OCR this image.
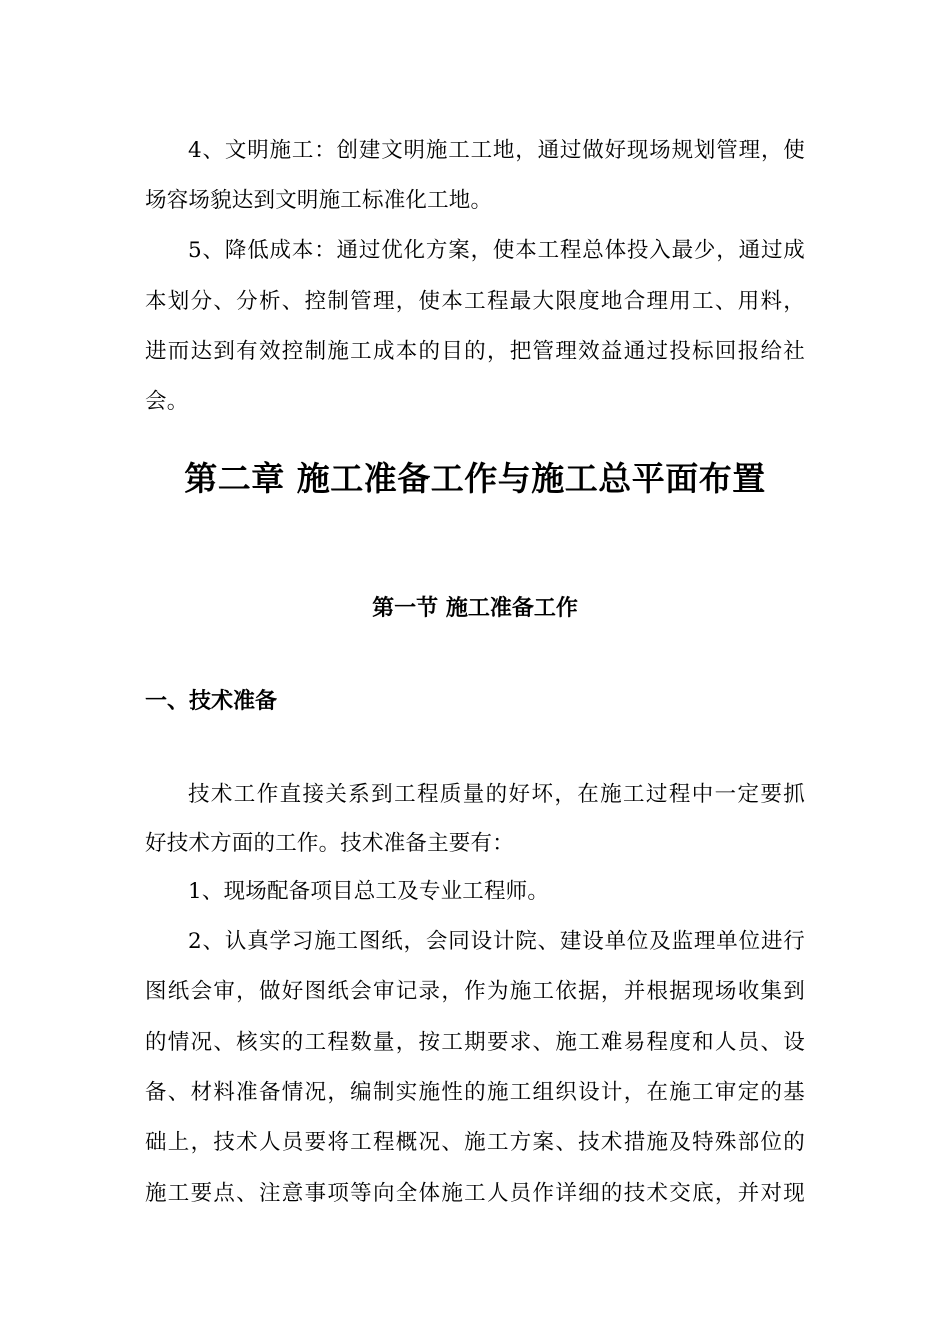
4、文明施工：创建文明施工工地，通过做好现场规划管理，使
场容场貌达到文明施工标准化工地。
5、降低成本：通过优化方案，使本工程总体投入最少，通过成
本划分、分析、控制管理，使本工程最大限度地合理用工、用料，
进而达到有效控制施工成本的目的，把管理效益通过投标回报给社
会。
第二章 施工准备工作与施工总平面布置
第一节 施工准备工作
一、技术准备
技术工作直接关系到工程质量的好坏，在施工过程中一定要抓
好技术方面的工作。技术准备主要有：
1、现场配备项目总工及专业工程师。
2、认真学习施工图纸，会同设计院、建设单位及监理单位进行
图纸会审，做好图纸会审记录，作为施工依据，并根据现场收集到
的情况、核实的工程数量，按工期要求、施工难易程度和人员、设
备、材料准备情况，编制实施性的施工组织设计，在施工审定的基
础上，技术人员要将工程概况、施工方案、技术措施及特殊部位的
施工要点、注意事项等向全体施工人员作详细的技术交底，并对现
